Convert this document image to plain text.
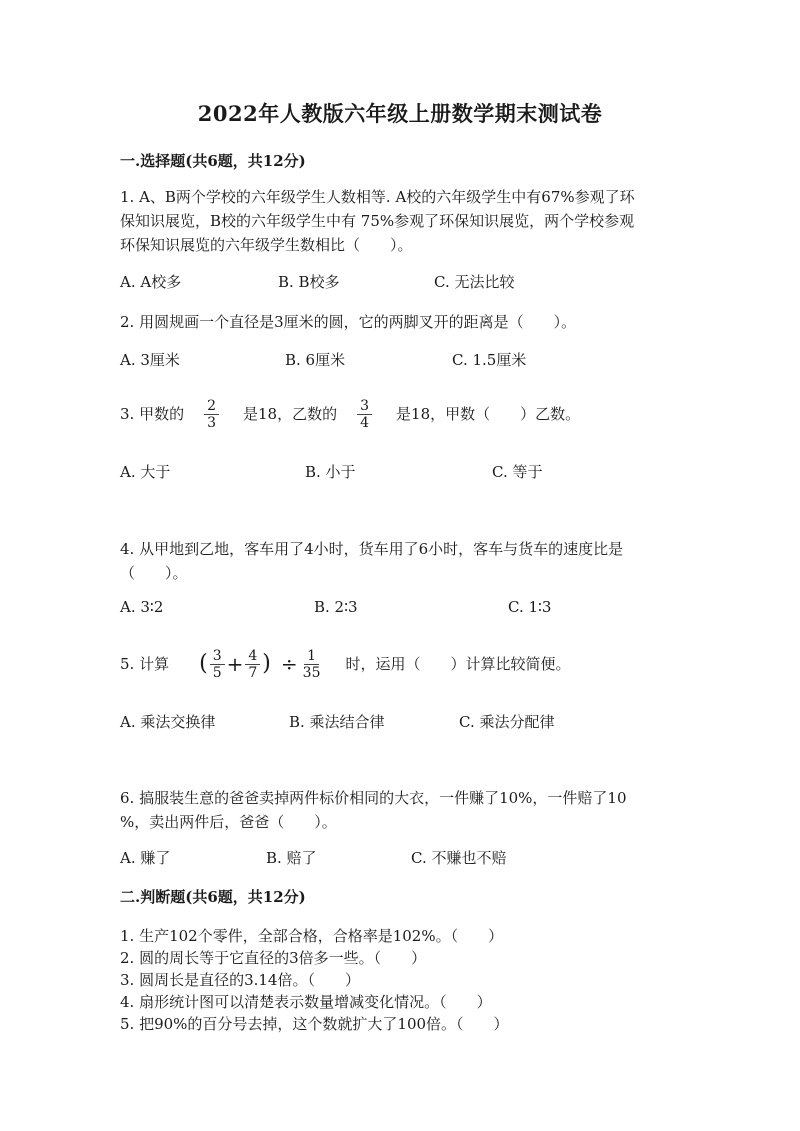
2022年人教版六年级上册数学期末测试卷
一.选择题(共6题，共12分)
1. A、B两个学校的六年级学生人数相等. A校的六年级学生中有67%参观了环
保知识展览，B校的六年级学生中有 75%参观了环保知识展览，两个学校参观
环保知识展览的六年级学生数相比（　　）。
A. A校多	B. B校多	C. 无法比较
2. 用圆规画一个直径是3厘米的圆，它的两脚叉开的距离是（　　）。
A. 3厘米	B. 6厘米	C. 1.5厘米
3. 甲数的 $\frac{2}{3}$ 是18，乙数的 $\frac{3}{4}$ 是18，甲数（　　）乙数。
A. 大于	B. 小于	C. 等于
4. 从甲地到乙地，客车用了4小时，货车用了6小时，客车与货车的速度比是
（　　）。
A. 3∶2	B. 2∶3	C. 1∶3
5. 计算 ( $\frac{3}{5} + \frac{4}{7}$ ) ÷ $\frac{1}{35}$ 时，运用（　　）计算比较简便。
A. 乘法交换律	B. 乘法结合律	C. 乘法分配律
6. 搞服装生意的爸爸卖掉两件标价相同的大衣，一件赚了10%，一件赔了10
%，卖出两件后，爸爸（　　）。
A. 赚了	B. 赔了	C. 不赚也不赔
二.判断题(共6题，共12分)
1. 生产102个零件，全部合格，合格率是102%。（　　）
2. 圆的周长等于它直径的3倍多一些。（　　）
3. 圆周长是直径的3.14倍。（　　）
4. 扇形统计图可以清楚表示数量增减变化情况。（　　）
5. 把90%的百分号去掉，这个数就扩大了100倍。（　　）
